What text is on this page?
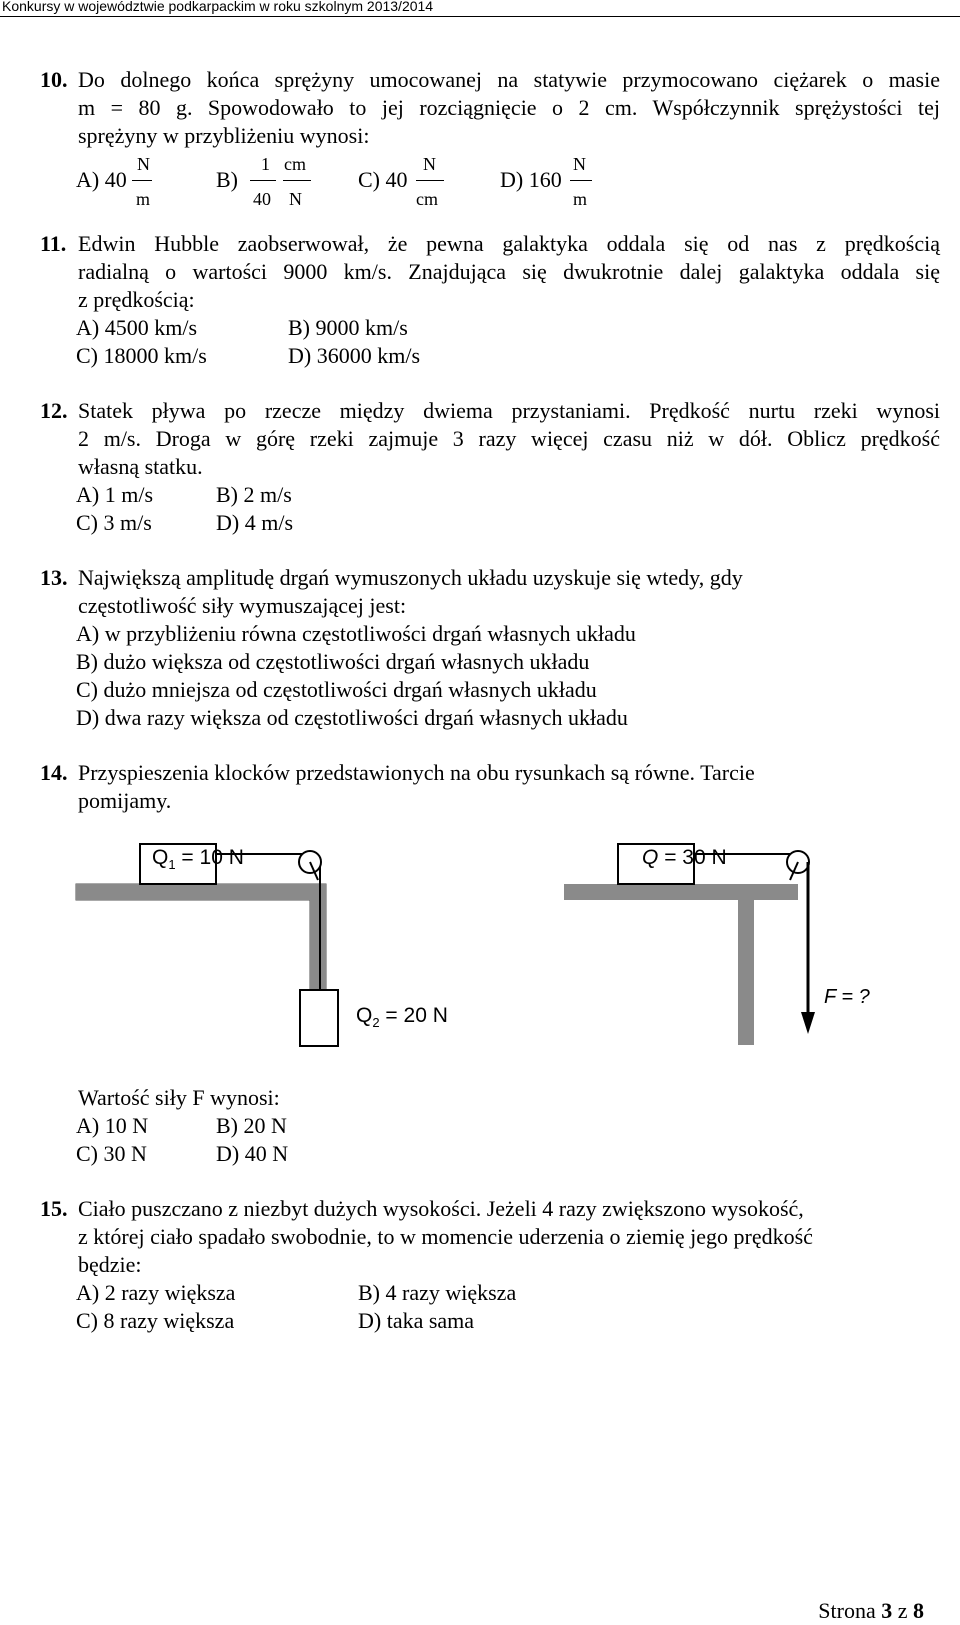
Konkursy w województwie podkarpackim w roku szkolnym 2013/2014
10. Do dolnego końca sprężyny umocowanej na statywie przymocowano ciężarek o masie
m = 80 g. Spowodowało to jej rozciągnięcie o 2 cm. Współczynnik sprężystości tej
sprężyny w przybliżeniu wynosi:
A) 40
N
m
B)
1
40
cm
N
C) 40
N
cm
D) 160
N
m
11. Edwin Hubble zaobserwował, że pewna galaktyka oddala się od nas z prędkością
radialną o wartości 9000 km/s. Znajdująca się dwukrotnie dalej galaktyka oddala się
z prędkością:
A) 4500 km/s	B) 9000 km/s
C) 18000 km/s	D) 36000 km/s
12. Statek pływa po rzecze między dwiema przystaniami. Prędkość nurtu rzeki wynosi
2 m/s. Droga w górę rzeki zajmuje 3 razy więcej czasu niż w dół. Oblicz prędkość
własną statku.
A) 1 m/s	B) 2 m/s
C) 3 m/s	D) 4 m/s
13. Największą amplitudę drgań wymuszonych układu uzyskuje się wtedy, gdy
częstotliwość siły wymuszającej jest:
A) w przybliżeniu równa częstotliwości drgań własnych układu
B) dużo większa od częstotliwości drgań własnych układu
C) dużo mniejsza od częstotliwości drgań własnych układu
D) dwa razy większa od częstotliwości drgań własnych układu
14. Przyspieszenia klocków przedstawionych na obu rysunkach są równe. Tarcie
pomijamy.
$Q_1 = 10$ N
$Q_2 = 20$ N
Q = 30 N
F = ?
Wartość siły F wynosi:
A) 10 N	B) 20 N
C) 30 N	D) 40 N
15. Ciało puszczano z niezbyt dużych wysokości. Jeżeli 4 razy zwiększono wysokość,
z której ciało spadało swobodnie, to w momencie uderzenia o ziemię jego prędkość
będzie:
A) 2 razy większa	B) 4 razy większa
C) 8 razy większa	D) taka sama
Strona 3 z 8
